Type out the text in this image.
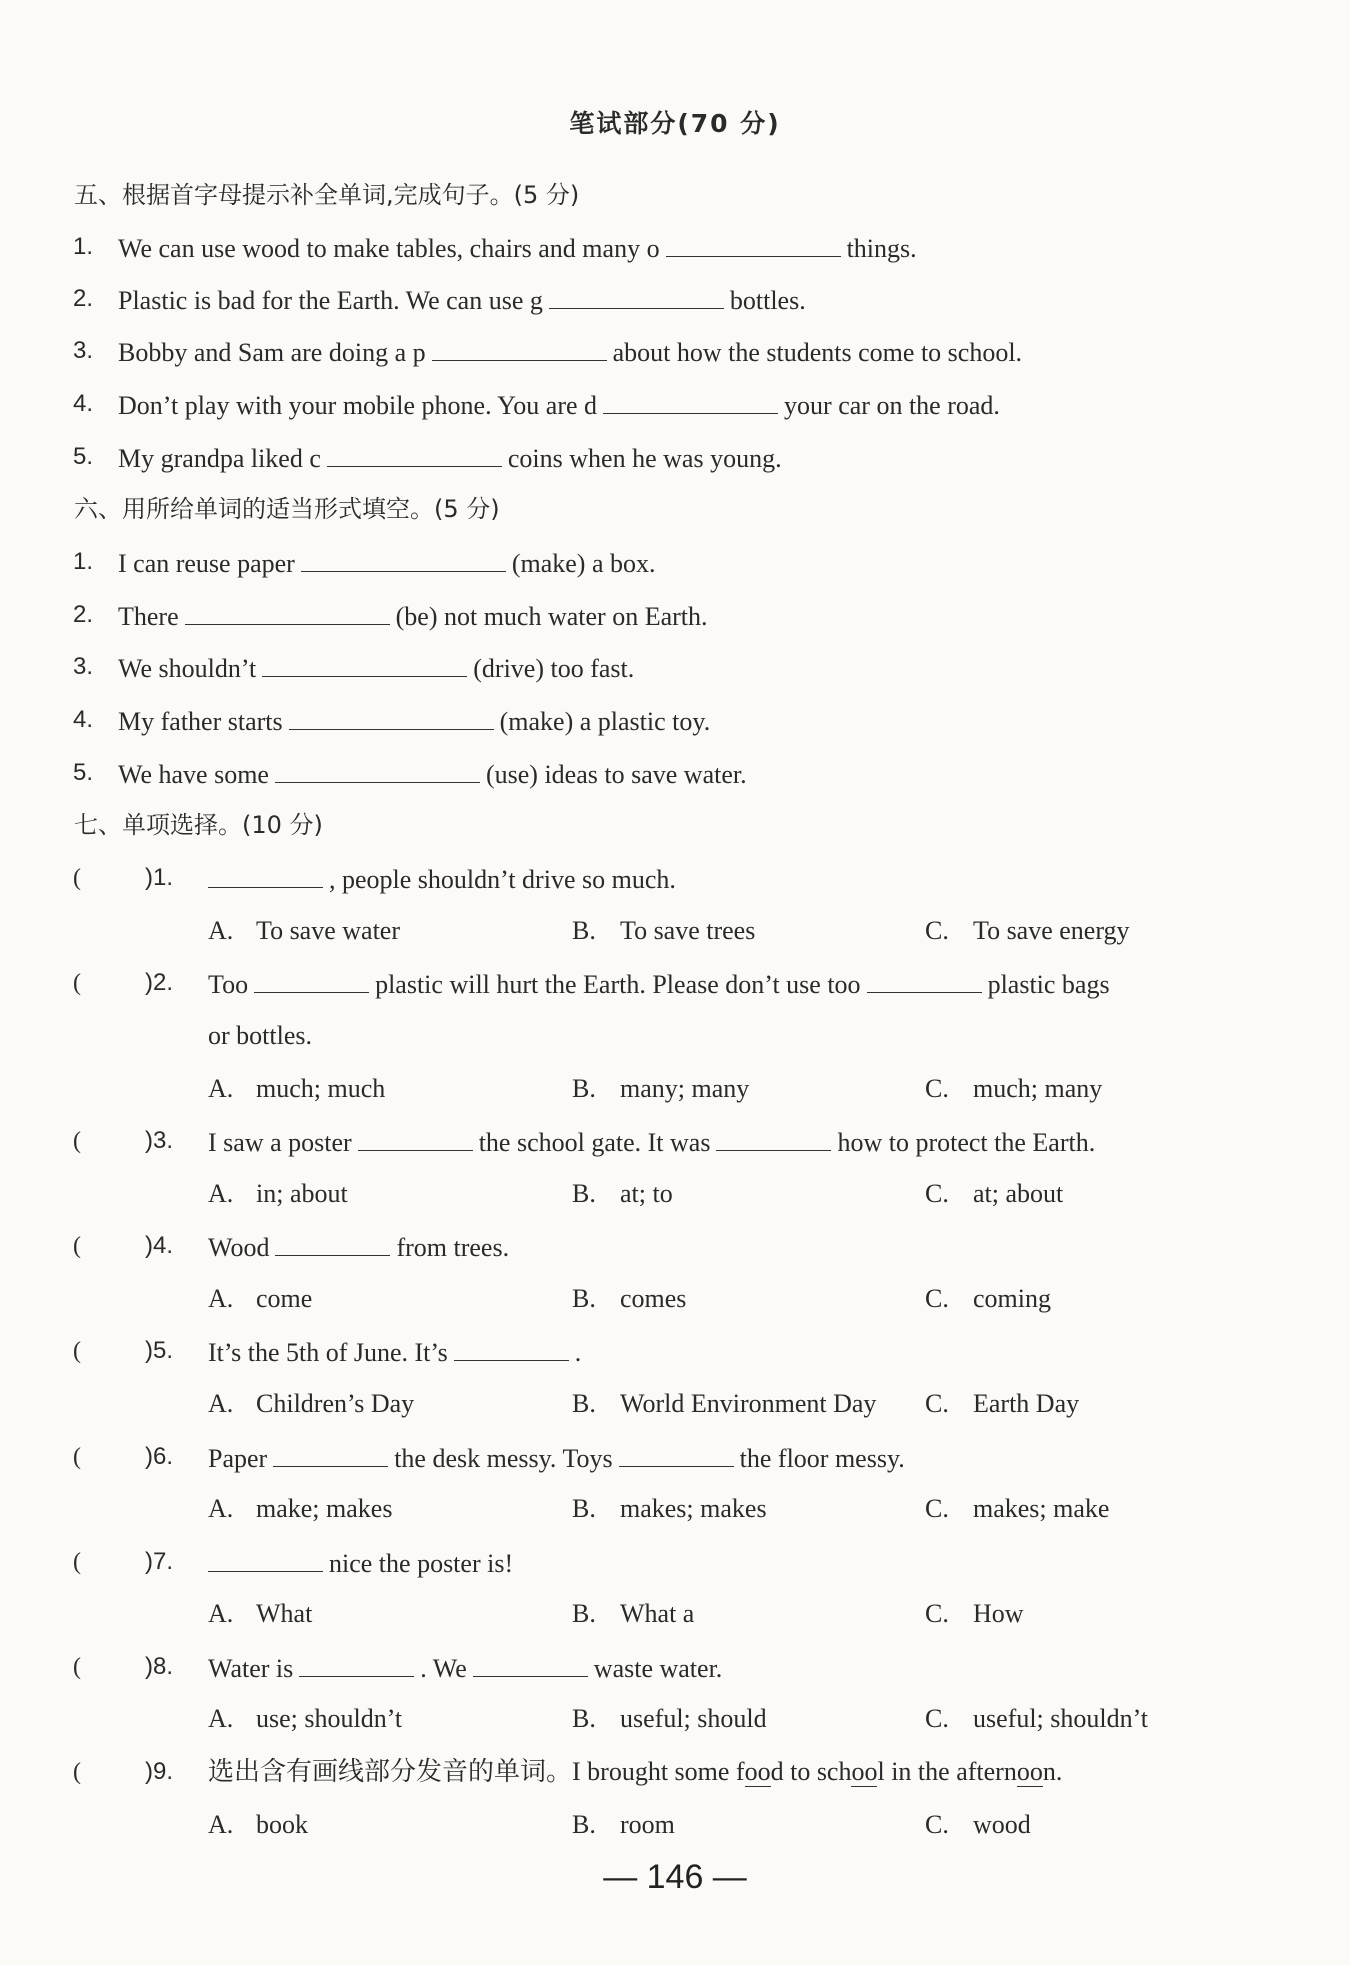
笔试部分(70 分)
五、根据首字母提示补全单词,完成句子。(5 分)
1. We can use wood to make tables, chairs and many o	things.
2. Plastic is bad for the Earth. We can use g	bottles.
3. Bobby and Sam are doing a p	about how the students come to school.
4. Don’t play with your mobile phone. You are d	your car on the road.
5. My grandpa liked c	coins when he was young.
六、用所给单词的适当形式填空。(5 分)
1. I can reuse paper	(make) a box.
2. There	(be) not much water on Earth.
3. We shouldn’t	(drive) too fast.
4. My father starts	(make) a plastic toy.
5. We have some	(use) ideas to save water.
七、单项选择。(10 分)
(	)1.	, people shouldn’t drive so much.
A. To save water	B. To save trees	C. To save energy
(	)2. Too	plastic will hurt the Earth. Please don’t use too	plastic bags
or bottles.
A. much; much	B. many; many	C. much; many
(	)3. I saw a poster	the school gate. It was	how to protect the Earth.
A. in; about	B. at; to	C. at; about
(	)4. Wood	from trees.
A. come	B. comes	C. coming
(	)5. It’s the 5th of June. It’s	.
A. Children’s Day	B. World Environment Day C. Earth Day
(	)6. Paper	the desk messy. Toys	the floor messy.
A. make; makes	B. makes; makes	C. makes; make
(	)7.	nice the poster is!
A. What	B. What a	C. How
(	)8. Water is	. We	waste water.
A. use; shouldn’t	B. useful; should	C. useful; shouldn’t
(	)9. 选出含有画线部分发音的单词。I brought some food to school in the afternoon.
A. book	B. room	C. wood
— 146 —
